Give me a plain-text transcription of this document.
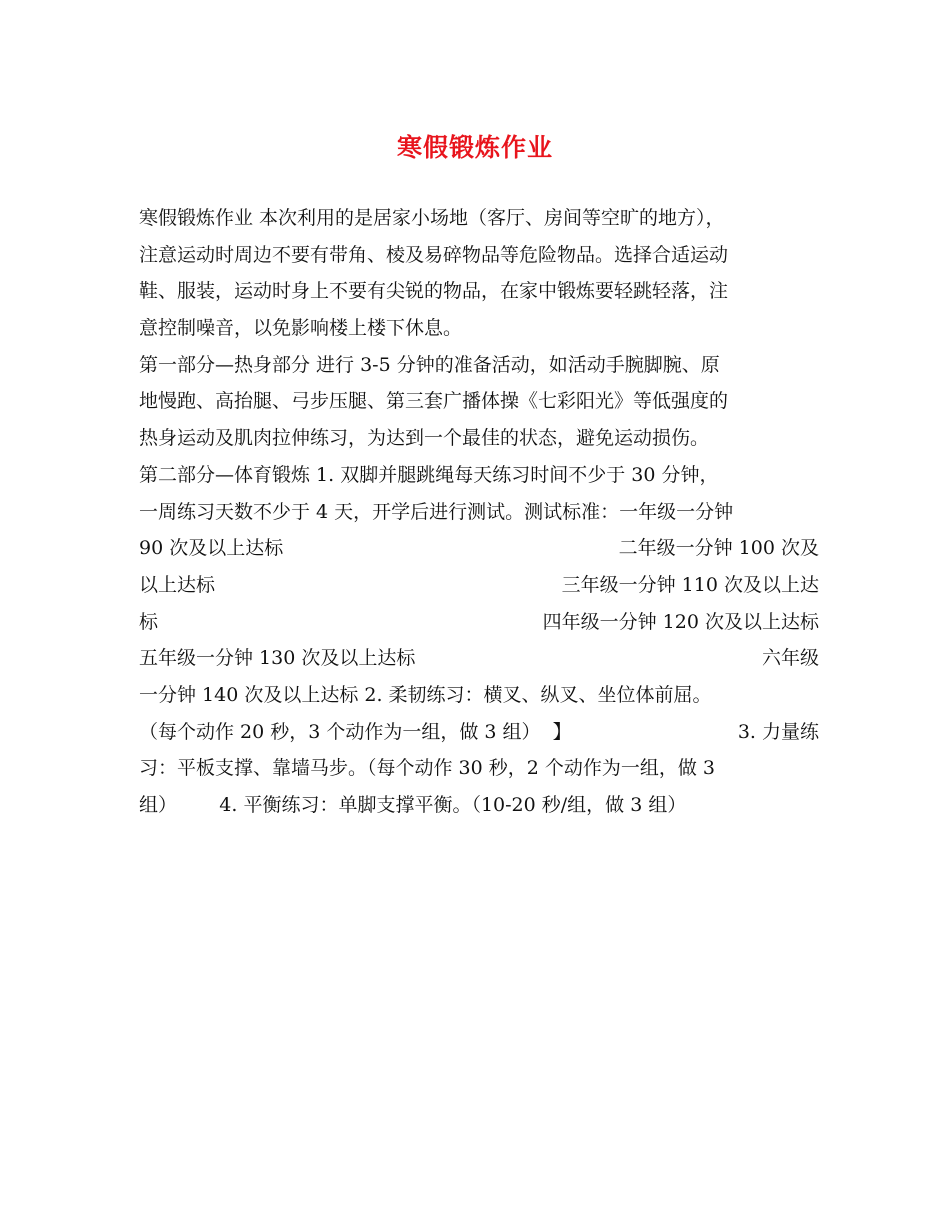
寒假锻炼作业
寒假锻炼作业 本次利用的是居家小场地（客厅、房间等空旷的地方），
注意运动时周边不要有带角、棱及易碎物品等危险物品。选择合适运动
鞋、服装，运动时身上不要有尖锐的物品，在家中锻炼要轻跳轻落，注
意控制噪音，以免影响楼上楼下休息。
第一部分—热身部分 进行 3-5 分钟的准备活动，如活动手腕脚腕、原
地慢跑、高抬腿、弓步压腿、第三套广播体操《七彩阳光》等低强度的
热身运动及肌肉拉伸练习，为达到一个最佳的状态，避免运动损伤。
第二部分—体育锻炼 1. 双脚并腿跳绳每天练习时间不少于 30 分钟，
一周练习天数不少于 4 天，开学后进行测试。测试标准：一年级一分钟
90 次及以上达标	二年级一分钟 100 次及
以上达标	三年级一分钟 110 次及以上达
标	四年级一分钟 120 次及以上达标
五年级一分钟 130 次及以上达标	六年级
一分钟 140 次及以上达标 2. 柔韧练习：横叉、纵叉、坐位体前屈。
（每个动作 20 秒，3 个动作为一组，做 3 组）  】	3. 力量练
习：平板支撑、靠墙马步。（每个动作 30 秒，2 个动作为一组，做 3
组）       4. 平衡练习：单脚支撑平衡。（10-20 秒/组，做 3 组）
